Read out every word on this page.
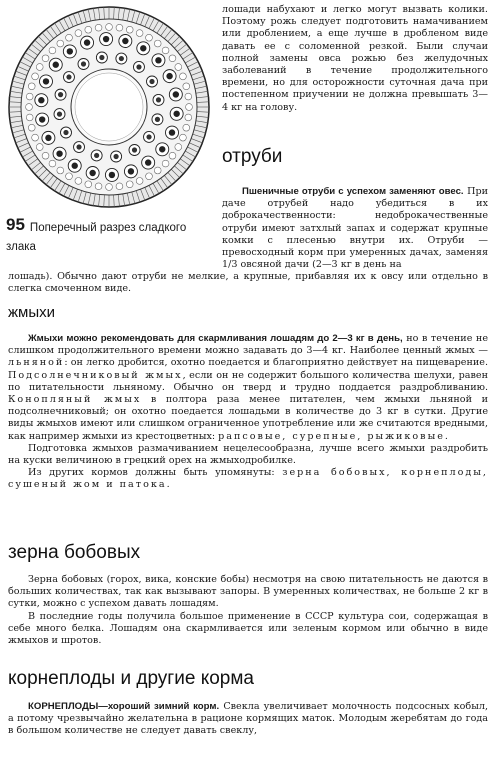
95 Поперечный разрез сладкого злака

лошади набухают и легко могут вызвать колики. Поэтому рожь следует подготовить намачиванием или дроблением, а еще лучше в дробленом виде давать ее с соломенной резкой. Были случаи полной замены овса рожью без желудочных заболеваний в течение продолжительного времени, но для осторожности суточная дача при постепенном приучении не должна превышать 3—4 кг на голову.

отруби

Пшеничные отруби с успехом заменяют овес. При даче отрубей надо убедиться в их доброкачественности: недоброкачественные отруби имеют затхлый запах и содержат крупные комки с плесенью внутри их. Отруби — превосходный корм при умеренных дачах, заменяя 1/3 овсяной дачи (2—3 кг в день на

лошадь). Обычно дают отруби не мелкие, а крупные, прибавляя их к овсу или отдельно в слегка смоченном виде.

жмыхи

Жмыхи можно рекомендовать для скармливания лошадям до 2—3 кг в день, но в течение не слишком продолжительного времени можно задавать до 3—4 кг. Наиболее ценный жмых — льняной: он легко дробится, охотно поедается и благоприятно действует на пищеварение. Подсолнечниковый жмых, если он не содержит большого количества шелухи, равен по питательности льняному. Обычно он тверд и трудно поддается раздробливанию. Конопляный жмых в полтора раза менее питателен, чем жмыхи льняной и подсолнечниковый; он охотно поедается лошадьми в количестве до 3 кг в сутки. Другие виды жмыхов имеют или слишком ограниченное употребление или же считаются вредными, как например жмыхи из крестоцветных: рапсовые, сурепные, рыжиковые.

Подготовка жмыхов размачиванием нецелесообразна, лучше всего жмыхи раздробить на куски величиною в грецкий орех на жмыходробилке.

Из других кормов должны быть упомянуты: зерна бобовых, корнеплоды, сушеный жом и патока.

зерна бобовых

Зерна бобовых (горох, вика, конские бобы) несмотря на свою питательность не даются в больших количествах, так как вызывают запоры. В умеренных количествах, не больше 2 кг в сутки, можно с успехом давать лошадям.

В последние годы получила большое применение в СССР культура сои, содержащая в себе много белка. Лошадям она скармливается или зеленым кормом или обычно в виде жмыхов и шротов.

корнеплоды и другие корма

КОРНЕПЛОДЫ—хороший зимний корм. Свекла увеличивает молочность подсосных кобыл, а потому чрезвычайно желательна в рационе кормящих маток. Молодым жеребятам до года в большом количестве не следует давать свеклу,
